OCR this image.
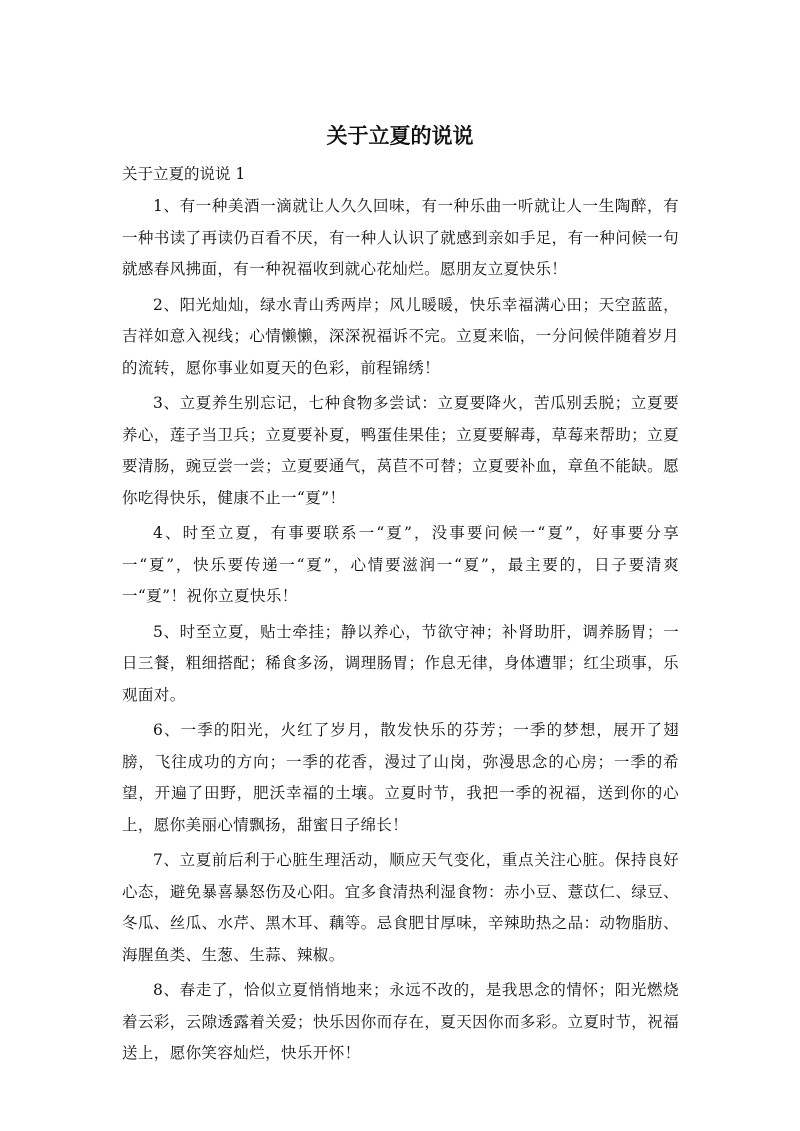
关于立夏的说说

关于立夏的说说 1

1、有一种美酒一滴就让人久久回味，有一种乐曲一听就让人一生陶醉，有一种书读了再读仍百看不厌，有一种人认识了就感到亲如手足，有一种问候一句就感春风拂面，有一种祝福收到就心花灿烂。愿朋友立夏快乐！

2、阳光灿灿，绿水青山秀两岸；风儿暖暖，快乐幸福满心田；天空蓝蓝，吉祥如意入视线；心情懒懒，深深祝福诉不完。立夏来临，一分问候伴随着岁月的流转，愿你事业如夏天的色彩，前程锦绣！

3、立夏养生别忘记，七种食物多尝试：立夏要降火，苦瓜别丢脱；立夏要养心，莲子当卫兵；立夏要补夏，鸭蛋佳果佳；立夏要解毒，草莓来帮助；立夏要清肠，豌豆尝一尝；立夏要通气，莴苣不可替；立夏要补血，章鱼不能缺。愿你吃得快乐，健康不止一“夏”！

4、时至立夏，有事要联系一“夏”，没事要问候一“夏”，好事要分享一“夏”，快乐要传递一“夏”，心情要滋润一“夏”，最主要的，日子要清爽一“夏”！祝你立夏快乐！

5、时至立夏，贴士牵挂；静以养心，节欲守神；补肾助肝，调养肠胃；一日三餐，粗细搭配；稀食多汤，调理肠胃；作息无律，身体遭罪；红尘琐事，乐观面对。

6、一季的阳光，火红了岁月，散发快乐的芬芳；一季的梦想，展开了翅膀，飞往成功的方向；一季的花香，漫过了山岗，弥漫思念的心房；一季的希望，开遍了田野，肥沃幸福的土壤。立夏时节，我把一季的祝福，送到你的心上，愿你美丽心情飘扬，甜蜜日子绵长！

7、立夏前后利于心脏生理活动，顺应天气变化，重点关注心脏。保持良好心态，避免暴喜暴怒伤及心阳。宜多食清热利湿食物：赤小豆、薏苡仁、绿豆、冬瓜、丝瓜、水芹、黑木耳、藕等。忌食肥甘厚味，辛辣助热之品：动物脂肪、海腥鱼类、生葱、生蒜、辣椒。

8、春走了，恰似立夏悄悄地来；永远不改的，是我思念的情怀；阳光燃烧着云彩，云隙透露着关爱；快乐因你而存在，夏天因你而多彩。立夏时节，祝福送上，愿你笑容灿烂，快乐开怀！
